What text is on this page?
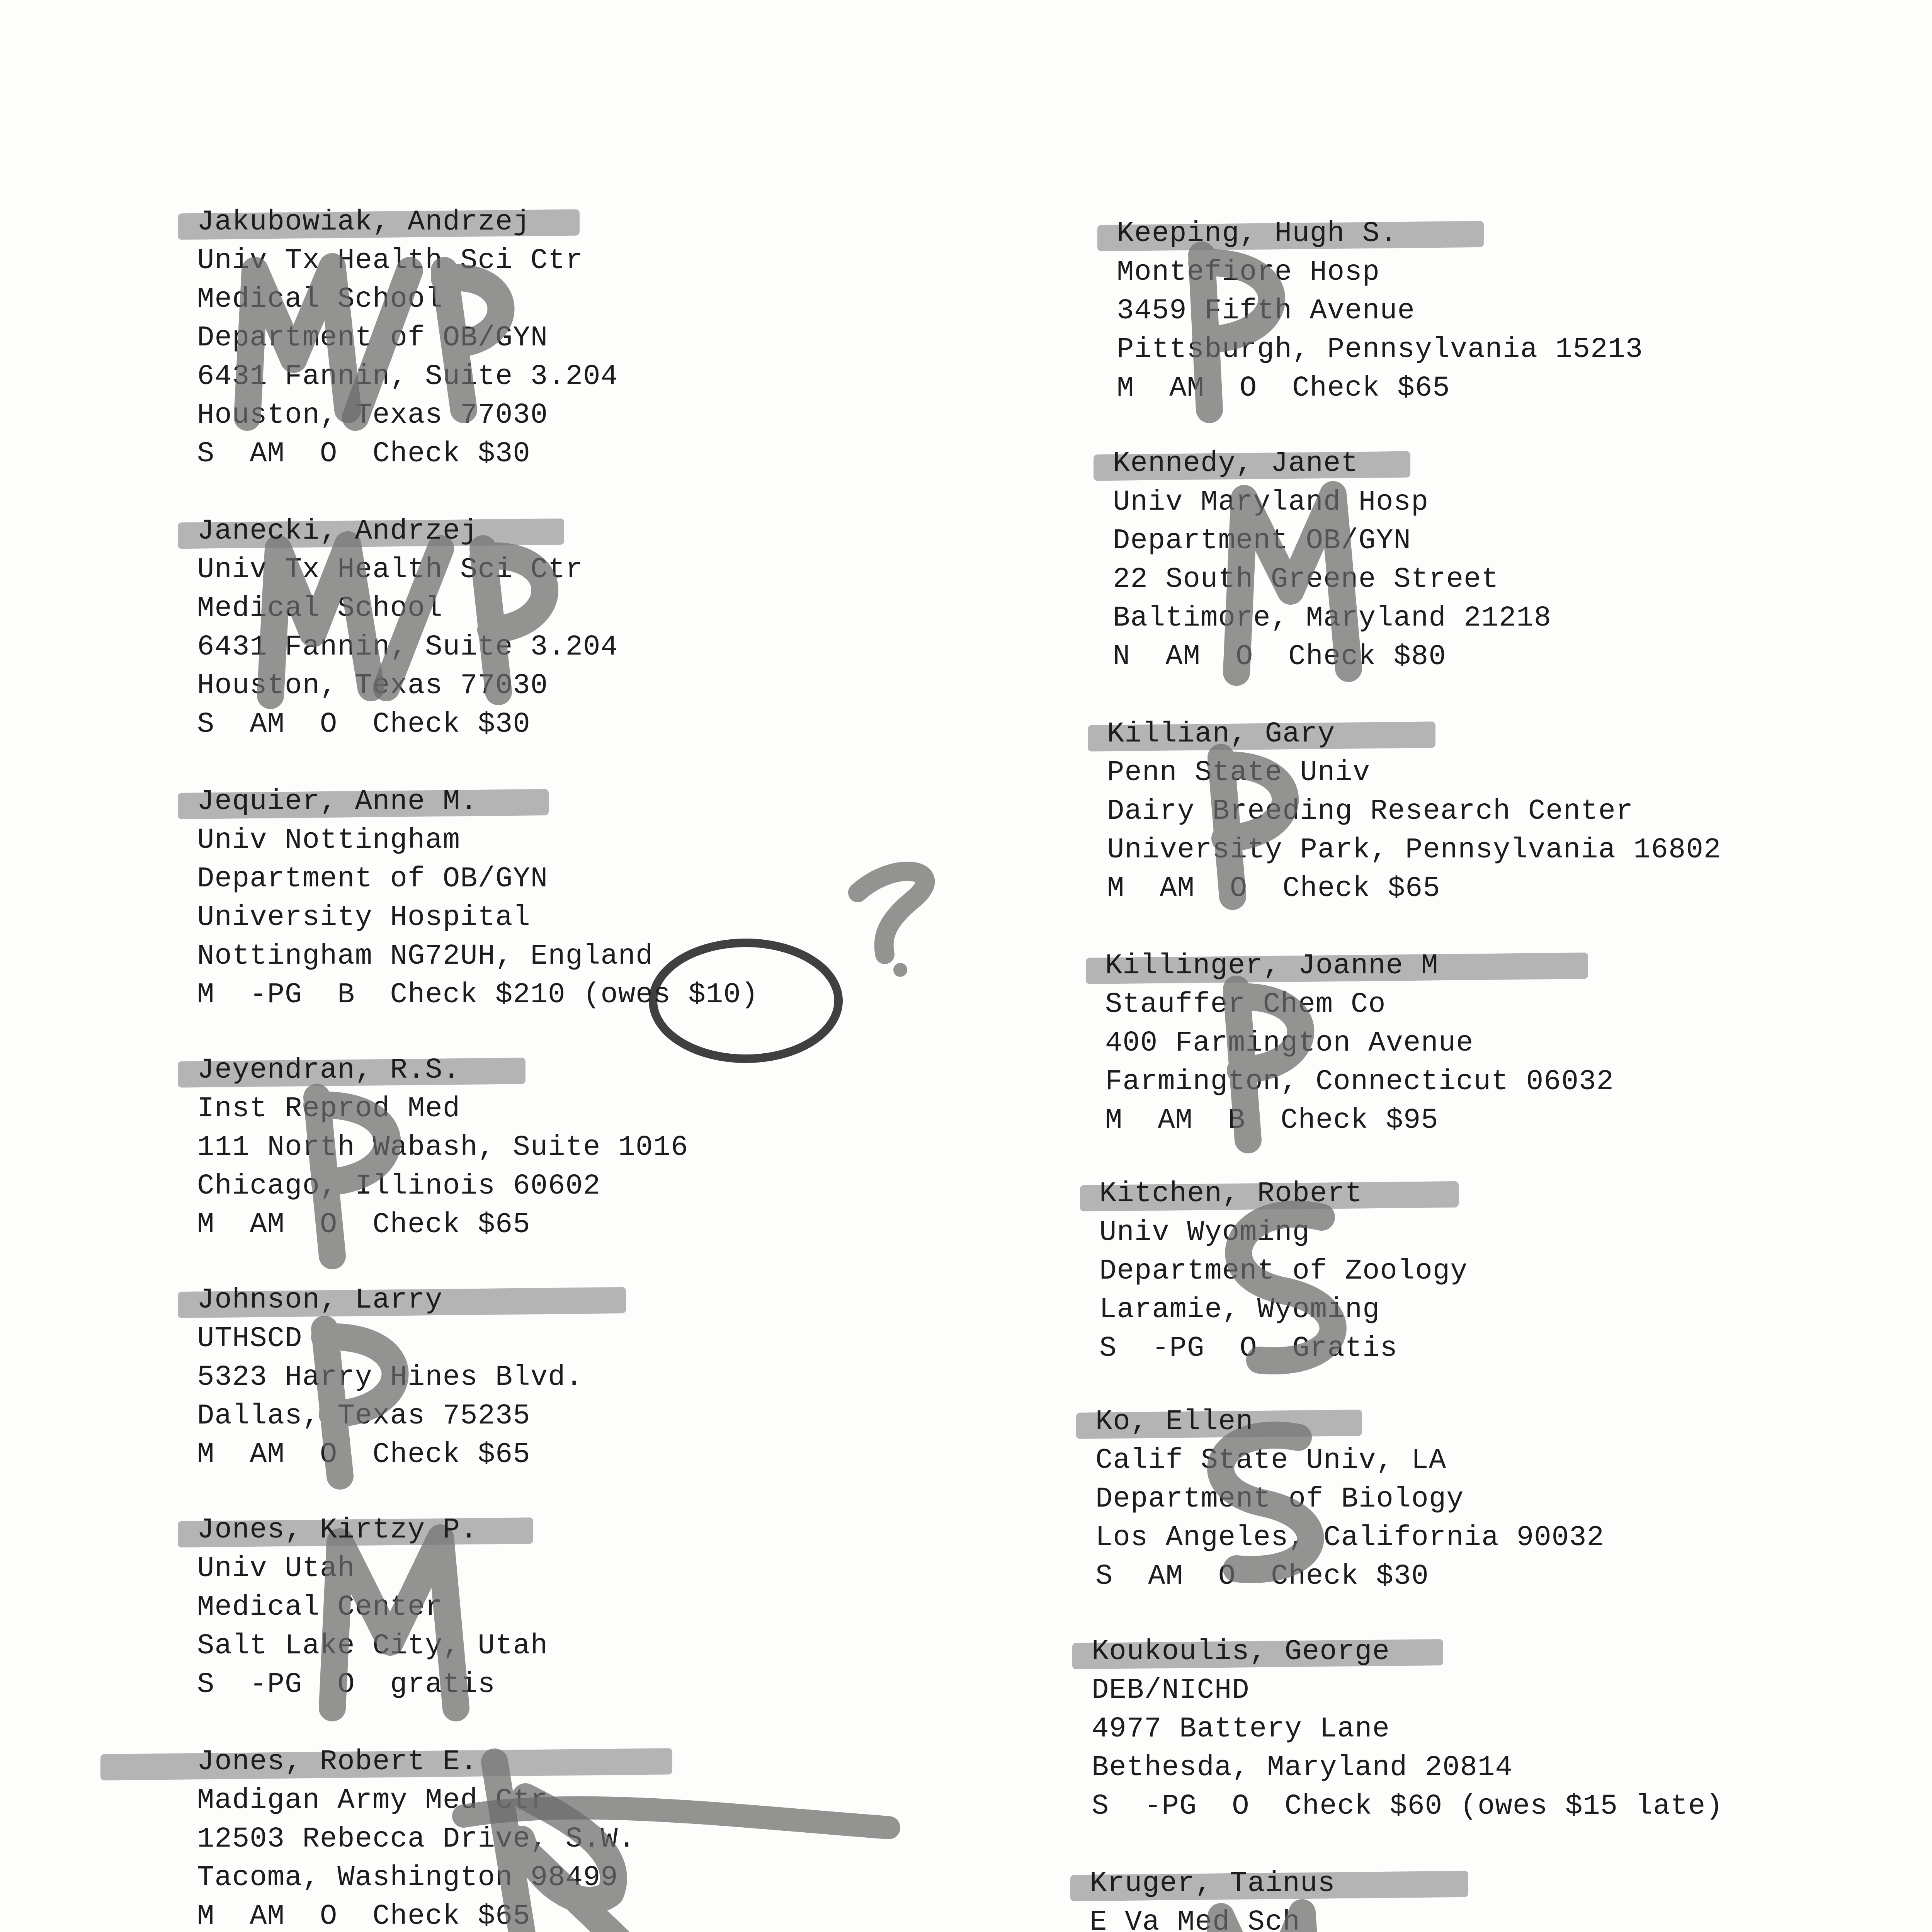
Jakubowiak, Andrzej
Univ Tx Health Sci Ctr
Medical School
Department of OB/GYN
6431 Fannin, Suite 3.204
Houston, Texas 77030
S  AM  O  Check $30
Janecki, Andrzej
Univ Tx Health Sci Ctr
Medical School
6431 Fannin, Suite 3.204
Houston, Texas 77030
S  AM  O  Check $30
Jequier, Anne M.
Univ Nottingham
Department of OB/GYN
University Hospital
Nottingham NG72UH, England
M  -PG  B  Check $210 (owes $10)
Jeyendran, R.S.
Inst Reprod Med
111 North Wabash, Suite 1016
Chicago, Illinois 60602
M  AM  O  Check $65
Johnson, Larry
UTHSCD
5323 Harry Hines Blvd.
Dallas, Texas 75235
M  AM  O  Check $65
Jones, Kirtzy P.
Univ Utah
Medical Center
Salt Lake City, Utah
S  -PG  O  gratis
Jones, Robert E.
Madigan Army Med Ctr
12503 Rebecca Drive, S.W.
Tacoma, Washington 98499
M  AM  O  Check $65
Keeping, Hugh S.
Montefiore Hosp
3459 Fifth Avenue
Pittsburgh, Pennsylvania 15213
M  AM  O  Check $65
Kennedy, Janet
Univ Maryland Hosp
Department OB/GYN
22 South Greene Street
Baltimore, Maryland 21218
N  AM  O  Check $80
Killian, Gary
Penn State Univ
Dairy Breeding Research Center
University Park, Pennsylvania 16802
M  AM  O  Check $65
Killinger, Joanne M
Stauffer Chem Co
400 Farmington Avenue
Farmington, Connecticut 06032
M  AM  B  Check $95
Kitchen, Robert
Univ Wyoming
Department of Zoology
Laramie, Wyoming
S  -PG  O  Gratis
Ko, Ellen
Calif State Univ, LA
Department of Biology
Los Angeles, California 90032
S  AM  O  Check $30
Koukoulis, George
DEB/NICHD
4977 Battery Lane
Bethesda, Maryland 20814
S  -PG  O  Check $60 (owes $15 late)
Kruger, Tainus
E Va Med Sch
